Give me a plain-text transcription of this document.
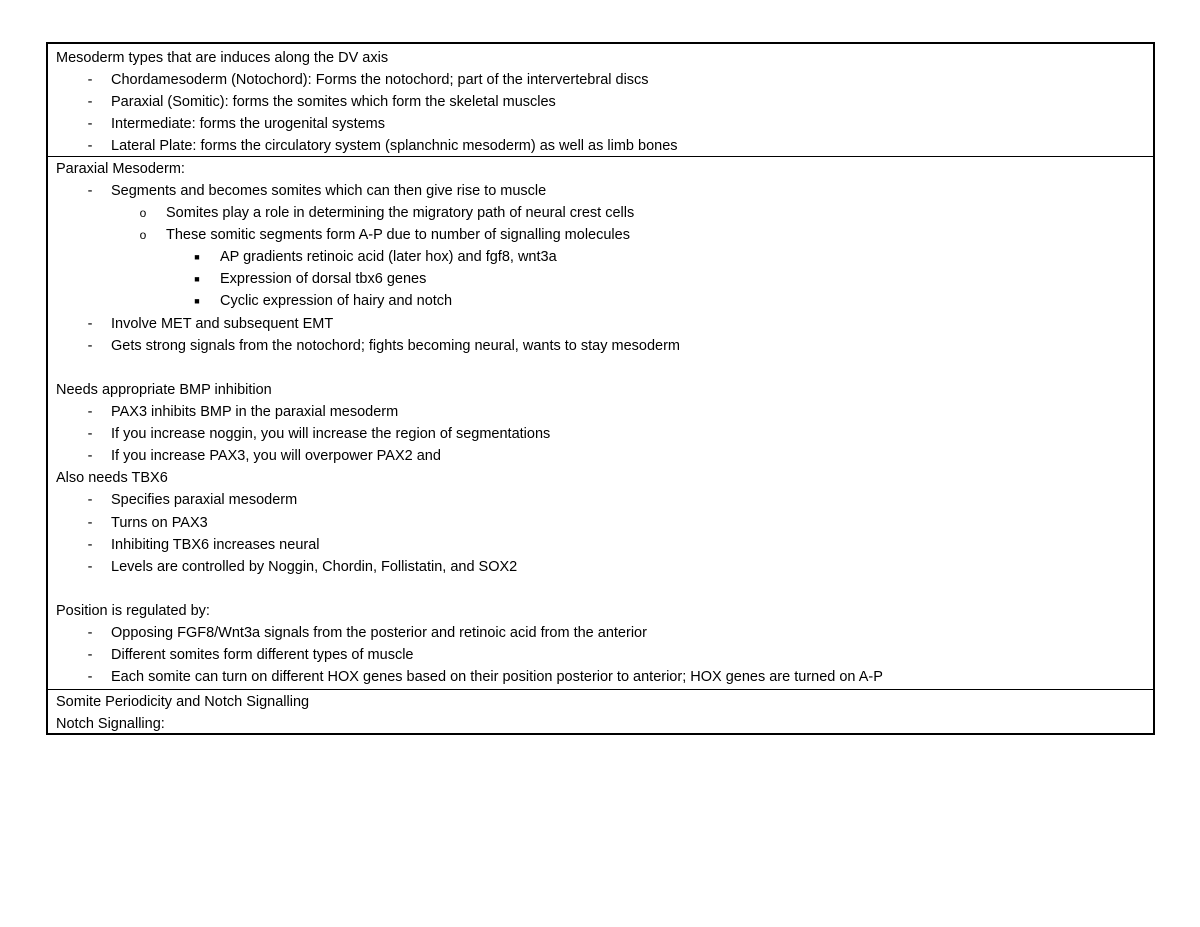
Mesoderm types that are induces along the DV axis
- Chordamesoderm (Notochord): Forms the notochord; part of the intervertebral discs
- Paraxial (Somitic): forms the somites which form the skeletal muscles
- Intermediate: forms the urogenital systems
- Lateral Plate: forms the circulatory system (splanchnic mesoderm) as well as limb bones
Paraxial Mesoderm:
- Segments and becomes somites which can then give rise to muscle
o Somites play a role in determining the migratory path of neural crest cells
o These somitic segments form A-P due to number of signalling molecules
■ AP gradients retinoic acid (later hox) and fgf8, wnt3a
■ Expression of dorsal tbx6 genes
■ Cyclic expression of hairy and notch
- Involve MET and subsequent EMT
- Gets strong signals from the notochord; fights becoming neural, wants to stay mesoderm
Needs appropriate BMP inhibition
- PAX3 inhibits BMP in the paraxial mesoderm
- If you increase noggin, you will increase the region of segmentations
- If you increase PAX3, you will overpower PAX2 and
Also needs TBX6
- Specifies paraxial mesoderm
- Turns on PAX3
- Inhibiting TBX6 increases neural
- Levels are controlled by Noggin, Chordin, Follistatin, and SOX2
Position is regulated by:
- Opposing FGF8/Wnt3a signals from the posterior and retinoic acid from the anterior
- Different somites form different types of muscle
- Each somite can turn on different HOX genes based on their position posterior to anterior; HOX genes are turned on A-P
Somite Periodicity and Notch Signalling
Notch Signalling:
